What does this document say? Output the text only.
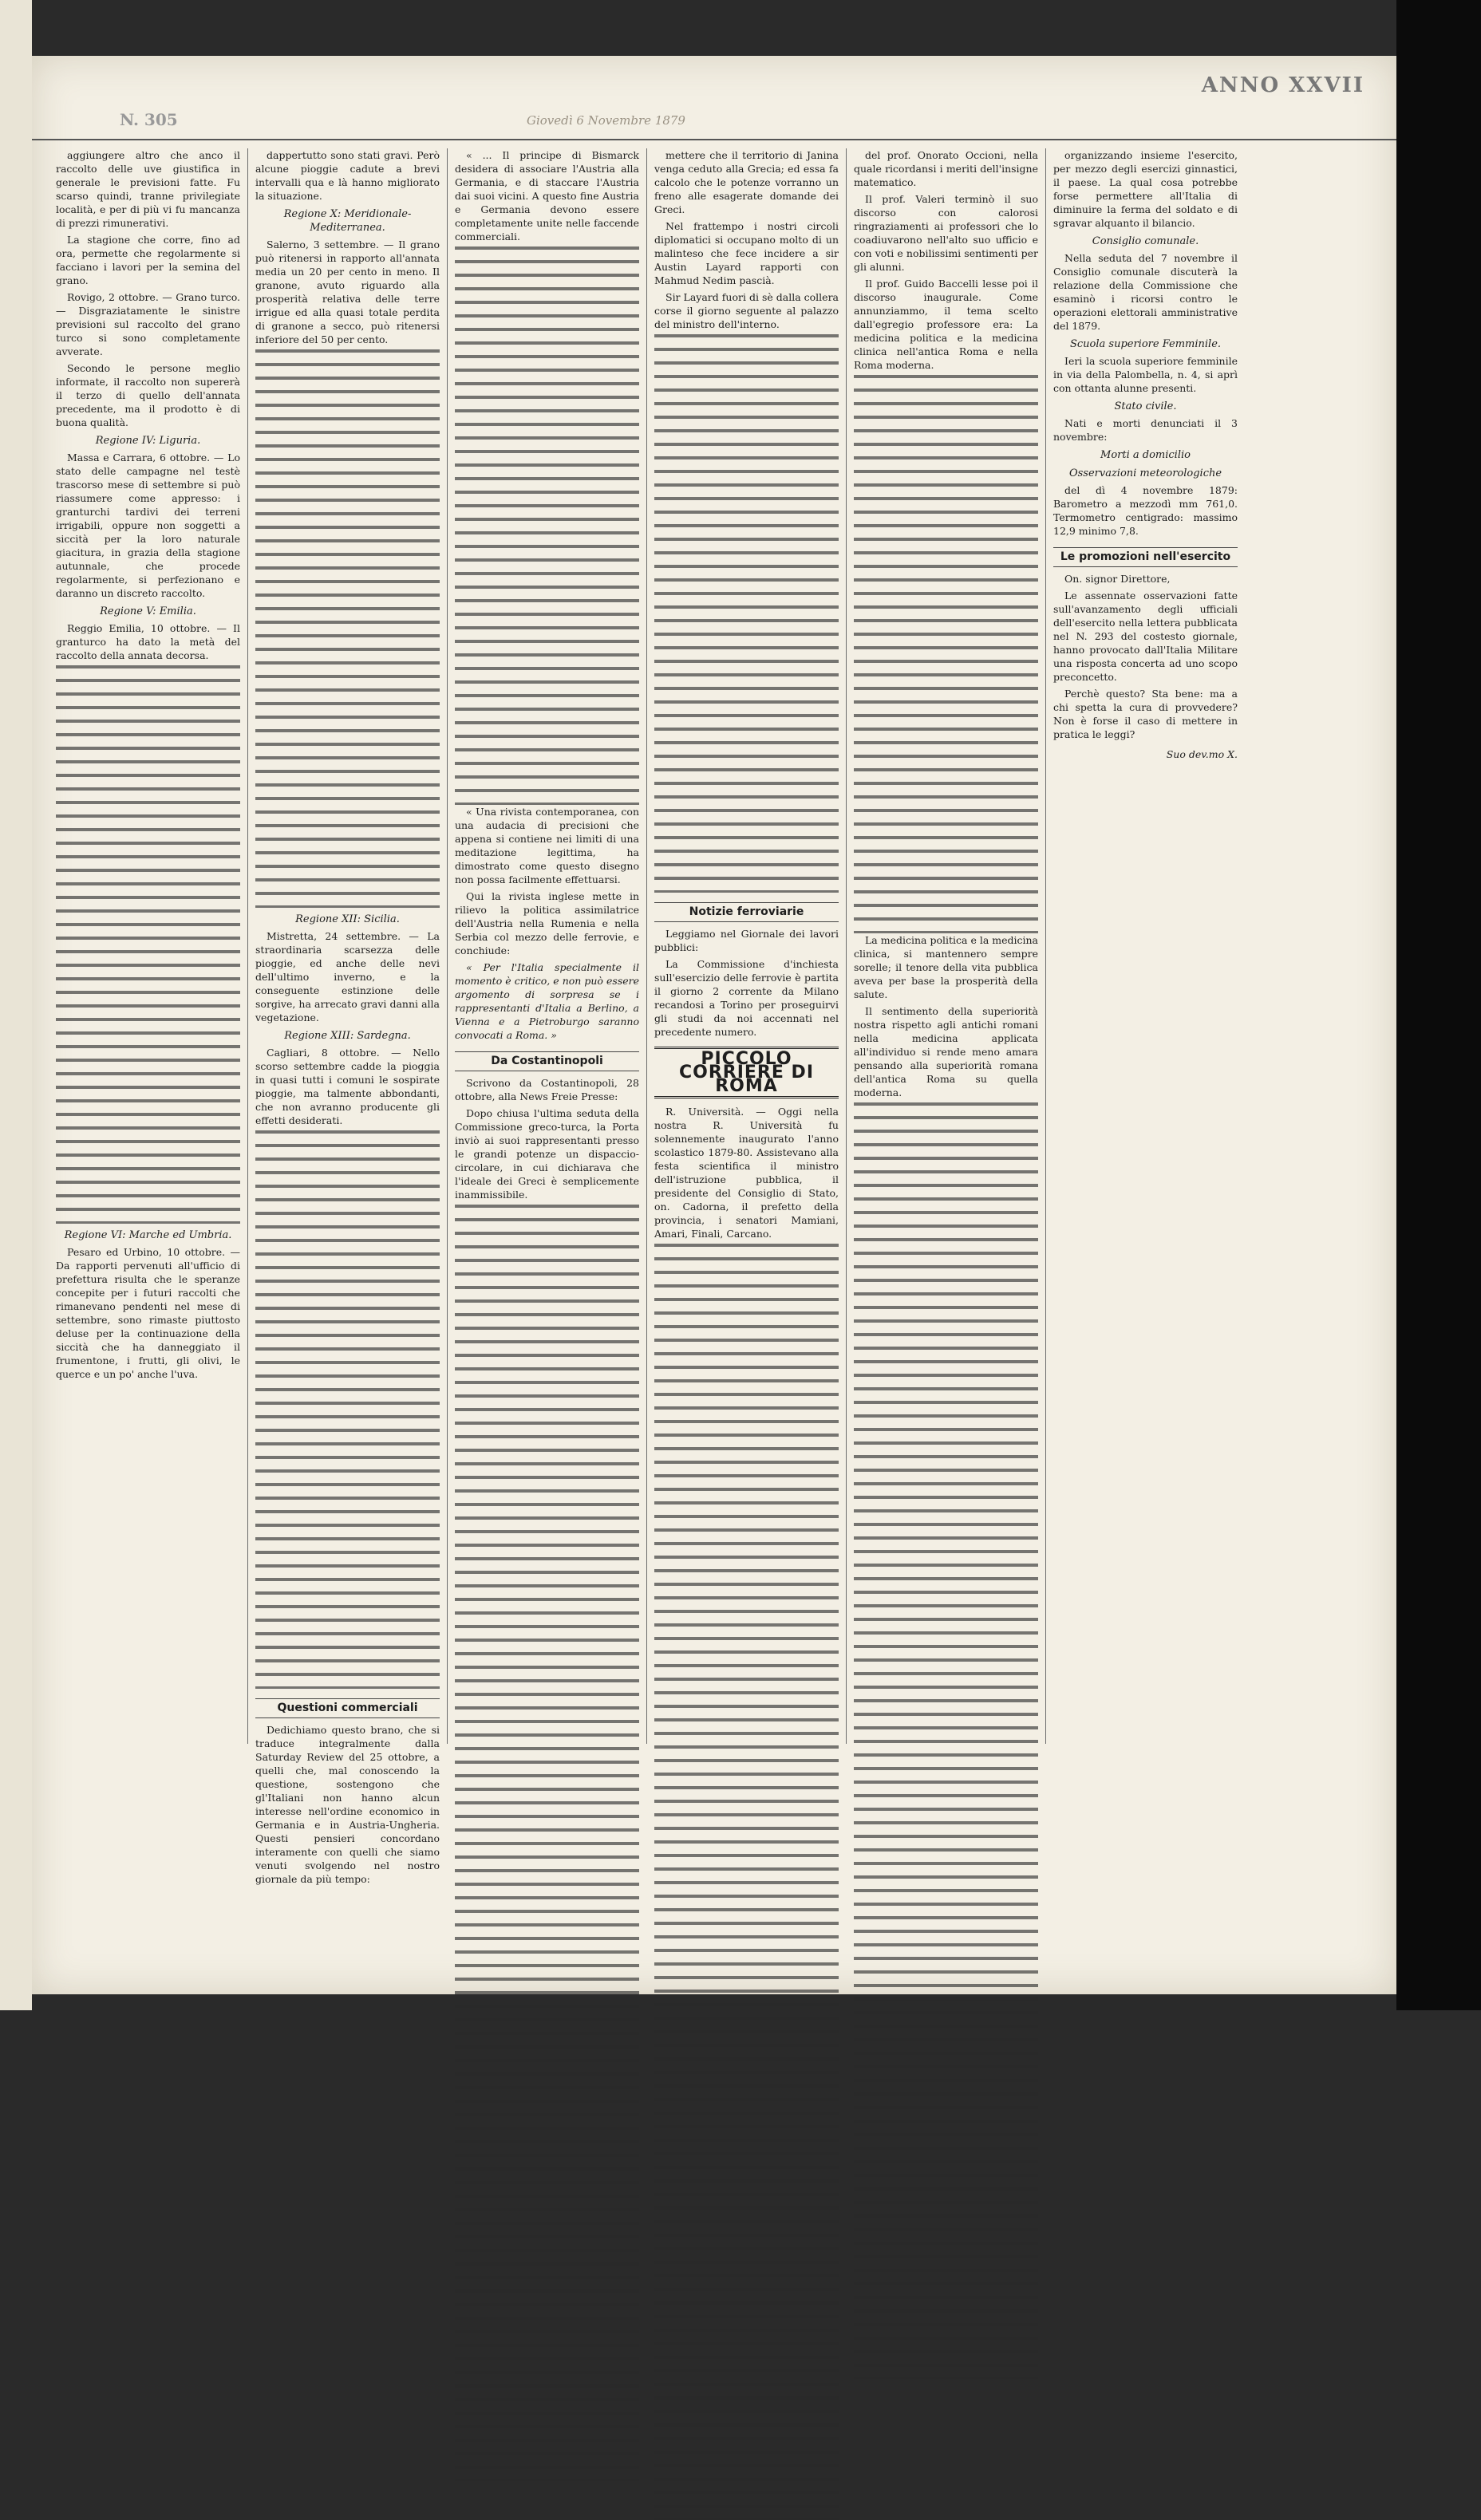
N. 305	Giovedì 6 Novembre 1879
ANNO XXVII

aggiungere altro che anco il raccolto delle uve giustifica in generale le previsioni fatte. Fu scarso quindi, tranne privilegiate località, e per di più vi fu mancanza di prezzi rimunerativi.

La stagione che corre, fino ad ora, permette che regolarmente si facciano i lavori per la semina del grano.

Rovigo, 2 ottobre. — Grano turco. — Disgraziatamente le sinistre previsioni sul raccolto del grano turco si sono completamente avverate.

Secondo le persone meglio informate, il raccolto non supererà il terzo di quello dell'annata precedente, ma il prodotto è di buona qualità.

Regione IV: Liguria.

Massa e Carrara, 6 ottobre. — Lo stato delle campagne nel testè trascorso mese di settembre si può riassumere come appresso: i granturchi tardivi dei terreni irrigabili, oppure non soggetti a siccità per la loro naturale giacitura, in grazia della stagione autunnale, che procede regolarmente, si perfezionano e daranno un discreto raccolto.

Regione V: Emilia.

Reggio Emilia, 10 ottobre. — Il granturco ha dato la metà del raccolto della annata decorsa.

Regione VI: Marche ed Umbria.

Pesaro ed Urbino, 10 ottobre. — Da rapporti pervenuti all'ufficio di prefettura risulta che le speranze concepite per i futuri raccolti che rimanevano pendenti nel mese di settembre, sono rimaste piuttosto deluse per la continuazione della siccità che ha danneggiato il frumentone, i frutti, gli olivi, le querce e un po' anche l'uva.

dappertutto sono stati gravi. Però alcune pioggie cadute a brevi intervalli qua e là hanno migliorato la situazione.

Regione X: Meridionale-Mediterranea.

Salerno, 3 settembre. — Il grano può ritenersi in rapporto all'annata media un 20 per cento in meno. Il granone, avuto riguardo alla prosperità relativa delle terre irrigue ed alla quasi totale perdita di granone a secco, può ritenersi inferiore del 50 per cento.

Regione XII: Sicilia.

Mistretta, 24 settembre. — La straordinaria scarsezza delle pioggie, ed anche delle nevi dell'ultimo inverno, e la conseguente estinzione delle sorgive, ha arrecato gravi danni alla vegetazione.

Regione XIII: Sardegna.

Cagliari, 8 ottobre. — Nello scorso settembre cadde la pioggia in quasi tutti i comuni le sospirate pioggie, ma talmente abbondanti, che non avranno producente gli effetti desiderati.

Questioni commerciali

Dedichiamo questo brano, che si traduce integralmente dalla Saturday Review del 25 ottobre, a quelli che, mal conoscendo la questione, sostengono che gl'Italiani non hanno alcun interesse nell'ordine economico in Germania e in Austria-Ungheria. Questi pensieri concordano interamente con quelli che siamo venuti svolgendo nel nostro giornale da più tempo:

« ... Il principe di Bismarck desidera di associare l'Austria alla Germania, e di staccare l'Austria dai suoi vicini. A questo fine Austria e Germania devono essere completamente unite nelle faccende commerciali.

« Una rivista contemporanea, con una audacia di precisioni che appena si contiene nei limiti di una meditazione legittima, ha dimostrato come questo disegno non possa facilmente effettuarsi.

Qui la rivista inglese mette in rilievo la politica assimilatrice dell'Austria nella Rumenia e nella Serbia col mezzo delle ferrovie, e conchiude:

« Per l'Italia specialmente il momento è critico, e non può essere argomento di sorpresa se i rappresentanti d'Italia a Berlino, a Vienna e a Pietroburgo saranno convocati a Roma. »

Da Costantinopoli

Scrivono da Costantinopoli, 28 ottobre, alla News Freie Presse:

Dopo chiusa l'ultima seduta della Commissione greco-turca, la Porta inviò ai suoi rappresentanti presso le grandi potenze un dispaccio-circolare, in cui dichiarava che l'ideale dei Greci è semplicemente inammissibile.

mettere che il territorio di Janina venga ceduto alla Grecia; ed essa fa calcolo che le potenze vorranno un freno alle esagerate domande dei Greci.

Nel frattempo i nostri circoli diplomatici si occupano molto di un malinteso che fece incidere a sir Austin Layard rapporti con Mahmud Nedim pascià.

Sir Layard fuori di sè dalla collera corse il giorno seguente al palazzo del ministro dell'interno.

Notizie ferroviarie

Leggiamo nel Giornale dei lavori pubblici:

La Commissione d'inchiesta sull'esercizio delle ferrovie è partita il giorno 2 corrente da Milano recandosi a Torino per proseguirvi gli studi da noi accennati nel precedente numero.

PICCOLO CORRIERE DI ROMA

R. Università. — Oggi nella nostra R. Università fu solennemente inaugurato l'anno scolastico 1879-80. Assistevano alla festa scientifica il ministro dell'istruzione pubblica, il presidente del Consiglio di Stato, on. Cadorna, il prefetto della provincia, i senatori Mamiani, Amari, Finali, Carcano.

del prof. Onorato Occioni, nella quale ricordansi i meriti dell'insigne matematico.

Il prof. Valeri terminò il suo discorso con calorosi ringraziamenti ai professori che lo coadiuvarono nell'alto suo ufficio e con voti e nobilissimi sentimenti per gli alunni.

Il prof. Guido Baccelli lesse poi il discorso inaugurale. Come annunziammo, il tema scelto dall'egregio professore era: La medicina politica e la medicina clinica nell'antica Roma e nella Roma moderna.

La medicina politica e la medicina clinica, si mantennero sempre sorelle; il tenore della vita pubblica aveva per base la prosperità della salute.

Il sentimento della superiorità nostra rispetto agli antichi romani nella medicina applicata all'individuo si rende meno amara pensando alla superiorità romana dell'antica Roma su quella moderna.

organizzando insieme l'esercito, per mezzo degli esercizi ginnastici, il paese. La qual cosa potrebbe forse permettere all'Italia di diminuire la ferma del soldato e di sgravar alquanto il bilancio.

Consiglio comunale.

Nella seduta del 7 novembre il Consiglio comunale discuterà la relazione della Commissione che esaminò i ricorsi contro le operazioni elettorali amministrative del 1879.

Scuola superiore Femminile.

Ieri la scuola superiore femminile in via della Palombella, n. 4, si aprì con ottanta alunne presenti.

Stato civile.

Nati e morti denunciati il 3 novembre:

Morti a domicilio
Osservazioni meteorologiche

del dì 4 novembre 1879: Barometro a mezzodì mm 761,0. Termometro centigrado: massimo 12,9 minimo 7,8.

Le promozioni nell'esercito

On. signor Direttore,

Le assennate osservazioni fatte sull'avanzamento degli ufficiali dell'esercito nella lettera pubblicata nel N. 293 del costesto giornale, hanno provocato dall'Italia Militare una risposta concerta ad uno scopo preconcetto.

Perchè questo? Sta bene: ma a chi spetta la cura di provvedere? Non è forse il caso di mettere in pratica le leggi?

Suo dev.mo X.
